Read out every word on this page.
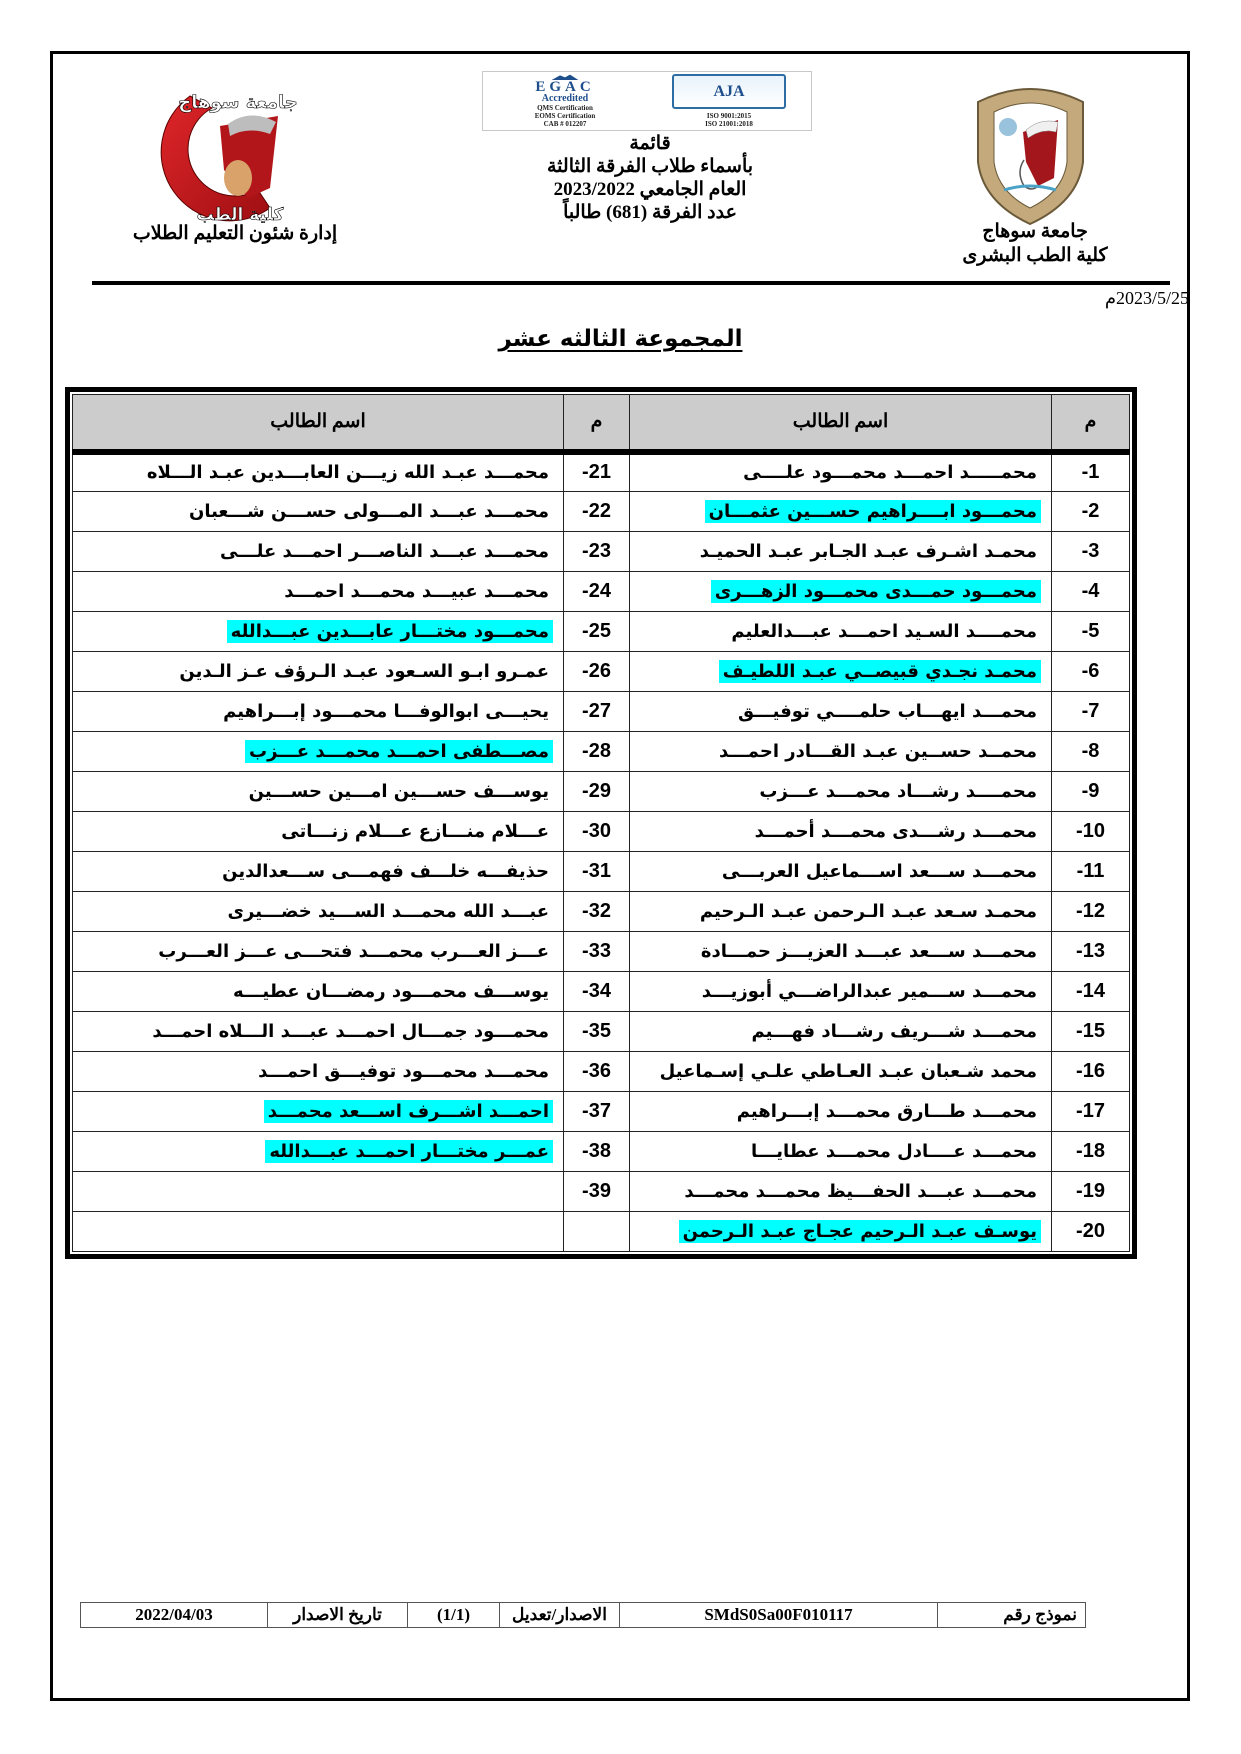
جامعة سوهاج
كلية الطب
إدارة شئون التعليم الطلاب
EGAC
Accredited
QMS Certification
EOMS Certification
CAB # 012207
AJA
ISO 9001:2015
ISO 21001:2018
قائمة
بأسماء طلاب الفرقة الثالثة
العام الجامعي 2023/2022
عدد الفرقة (681) طالباً
جامعة سوهاج
كلية الطب البشرى
2023/5/25م
المجموعة الثالثه عشر
م	اسم الطالب	م	اسم الطالب
-1	محمـــــد احمـــد محمـــود علــــى	-21	محمـــد عبـد الله زيـــن العابـــدين عبـد الـــلاه
-2	محمـــود ابــــراهيم حســـين عثمـــان	-22	محمـــد عبـــد المـــولى حســـن شـــعبان
-3	محمـد اشـرف عبـد الجـابر عبـد الحميـد	-23	محمـــد عبـــد الناصـــر احمـــد علـــى
-4	محمـــود حمـــدى محمـــود الزهـــرى	-24	محمـــد عبيـــد محمـــد احمـــد
-5	محمــــد السـيد احمـــد عبـــدالعليم	-25	محمـــود مختـــار عابـــدين عبـــدالله
-6	محمـد نجـدي قبيصــي عبـد اللطيـف	-26	عمـرو ابـو السـعود عبـد الـرؤف عـز الـدين
-7	محمـــد ايهـــاب حلمــــي توفيـــق	-27	يحيـــى ابوالوفـــا محمـــود إبـــراهيم
-8	محمــد حســين عبـد القـــادر احمـــد	-28	مصـــطفى احمـــد محمـــد عـــزب
-9	محمــــد رشـــاد محمـــد عـــزب	-29	يوســـف حســـين امـــين حســـين
-10	محمـــد رشـــدى محمـــد أحمـــد	-30	عـــلام منـــازع عـــلام زنـــاتى
-11	محمـــد ســـعد اســـماعيل العربـــى	-31	حذيفـــه خلـــف فهمـــى ســـعدالدين
-12	محمـد سـعد عبـد الـرحمن عبـد الـرحيم	-32	عبـــد الله محمـــد الســـيد خضـــيرى
-13	محمـــد ســـعد عبـــد العزيـــز حمـــادة	-33	عـــز العـــرب محمـــد فتحـــى عـــز العـــرب
-14	محمـــد ســـمير عبدالراضـــي أبوزيـــد	-34	يوســـف محمـــود رمضـــان عطيـــه
-15	محمـــد شـــريف رشـــاد فهـــيم	-35	محمـــود جمـــال احمـــد عبـــد الـــلاه احمـــد
-16	محمد شـعبان عبـد العـاطي علـي إسـماعيل	-36	محمـــد محمـــود توفيـــق احمـــد
-17	محمـــد طـــارق محمـــد إبـــراهيم	-37	احمـــد اشـــرف اســـعد محمـــد
-18	محمـــد عــــادل محمـــد عطايـــا	-38	عمـــر مختـــار احمـــد عبـــدالله
-19	محمـــد عبـــد الحفـــيظ محمـــد محمـــد	-39	
-20	يوسـف عبـد الـرحيم عجـاج عبـد الـرحمن		
نموذج رقم
SMdS0Sa00F010117
الاصدار/تعديل
(1/1)
تاريخ الاصدار
2022/04/03
